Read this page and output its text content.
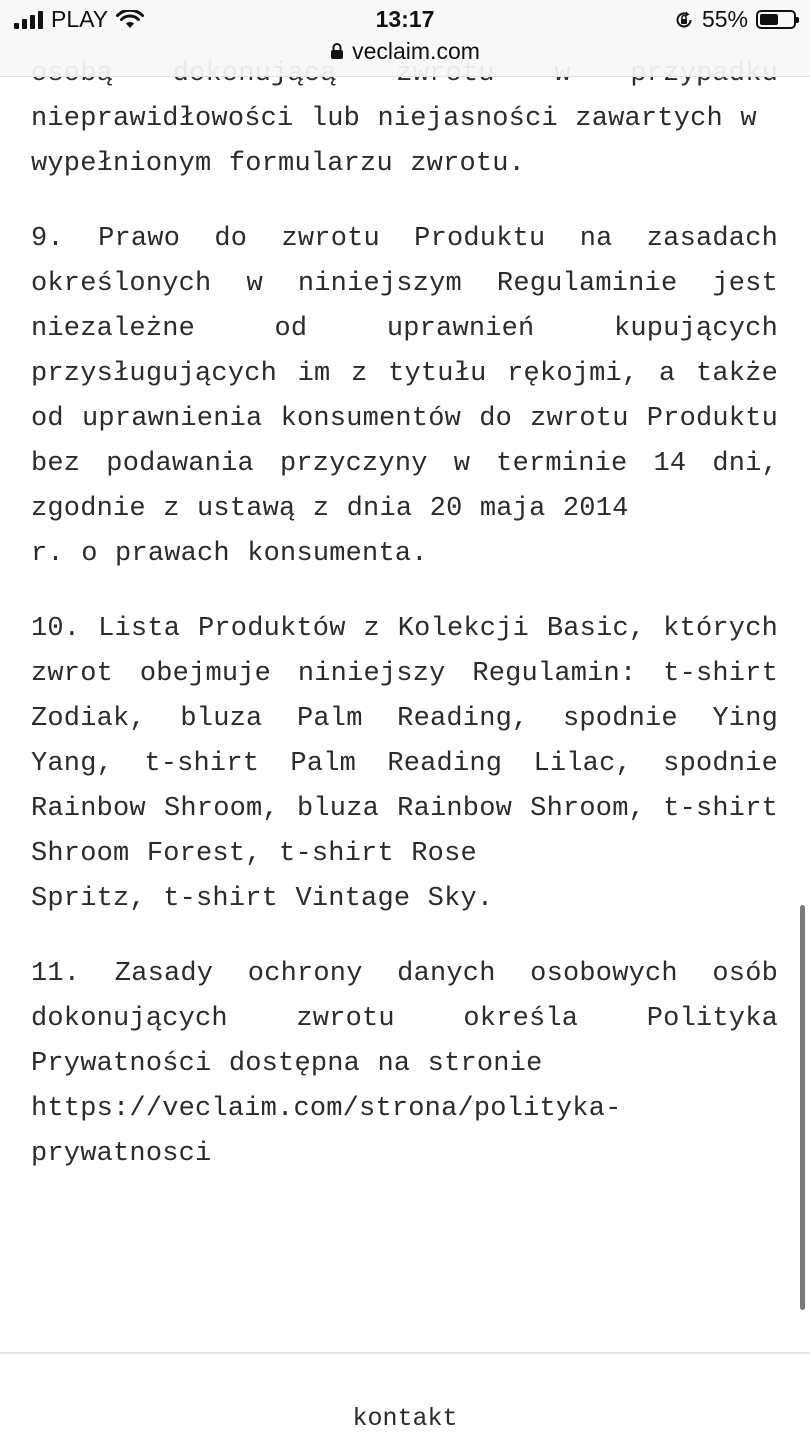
nieprawidłowości lub niejasności zawartych w
wypełnionym formularzu zwrotu.

9. Prawo do zwrotu Produktu na zasadach określonych w niniejszym Regulaminie jest niezależne od uprawnień kupujących przysługujących im z tytułu rękojmi, a także od uprawnienia konsumentów do zwrotu Produktu bez podawania przyczyny w terminie 14 dni, zgodnie z ustawą z dnia 20 maja 2014
r. o prawach konsumenta.

10. Lista Produktów z Kolekcji Basic, których zwrot obejmuje niniejszy Regulamin: t-shirt Zodiak, bluza Palm Reading, spodnie Ying Yang, t-shirt Palm Reading Lilac, spodnie Rainbow Shroom, bluza Rainbow Shroom, t-shirt Shroom Forest, t-shirt Rose
Spritz, t-shirt Vintage Sky.

11. Zasady ochrony danych osobowych osób dokonujących zwrotu określa Polityka Prywatności dostępna na stronie
https://veclaim.com/strona/polityka-
prywatnosci

PLAY	13:17	55%
veclaim.com
kontakt
